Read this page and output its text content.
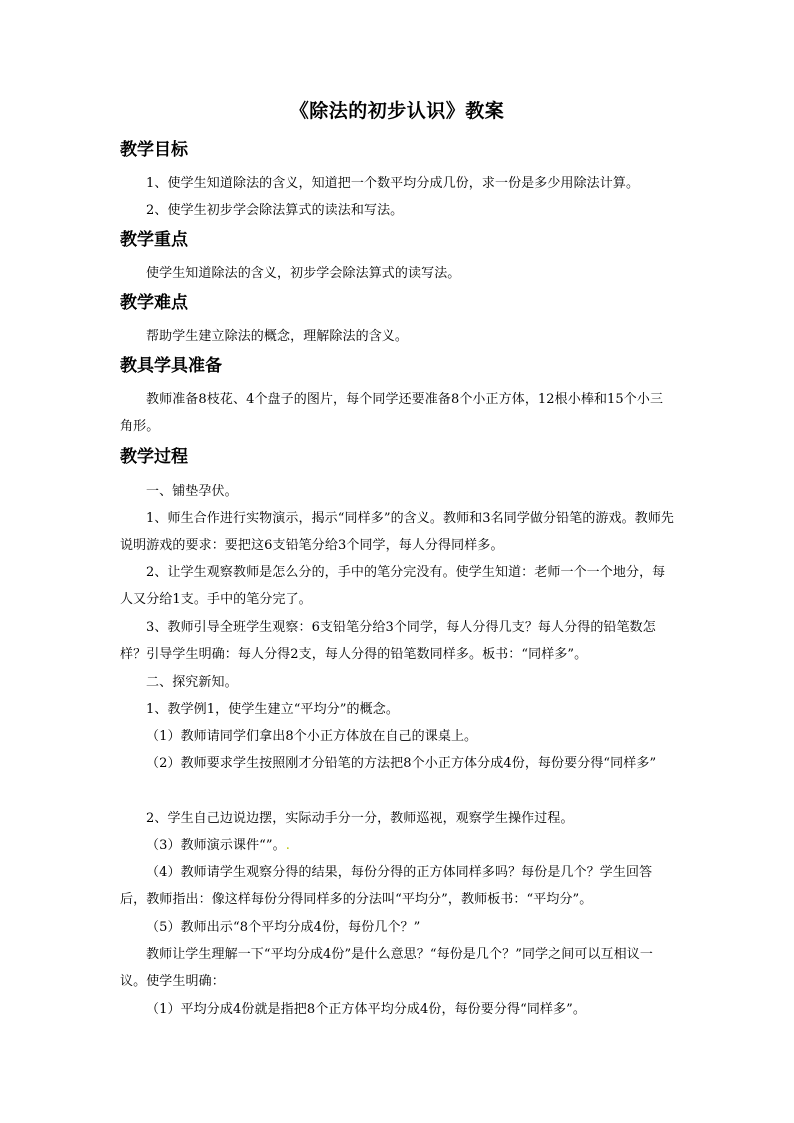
《除法的初步认识》教案
教学目标
1、使学生知道除法的含义，知道把一个数平均分成几份，求一份是多少用除法计算。
2、使学生初步学会除法算式的读法和写法。
教学重点
使学生知道除法的含义，初步学会除法算式的读写法。
教学难点
帮助学生建立除法的概念，理解除法的含义。
教具学具准备
教师准备8枝花、4个盘子的图片，每个同学还要准备8个小正方体，12根小棒和15个小三角形。
教学过程
一、铺垫孕伏。
1、师生合作进行实物演示，揭示“同样多”的含义。教师和3名同学做分铅笔的游戏。教师先说明游戏的要求：要把这6支铅笔分给3个同学，每人分得同样多。
2、让学生观察教师是怎么分的，手中的笔分完没有。使学生知道：老师一个一个地分，每人又分给1支。手中的笔分完了。
3、教师引导全班学生观察：6支铅笔分给3个同学，每人分得几支？每人分得的铅笔数怎样？引导学生明确：每人分得2支，每人分得的铅笔数同样多。板书：“同样多”。
二、探究新知。
1、教学例1，使学生建立“平均分”的概念。
（1）教师请同学们拿出8个小正方体放在自己的课桌上。
（2）教师要求学生按照刚才分铅笔的方法把8个小正方体分成4份，每份要分得“同样多”
2、学生自己边说边摆，实际动手分一分，教师巡视，观察学生操作过程。
（3）教师演示课件“”。.
（4）教师请学生观察分得的结果，每份分得的正方体同样多吗？每份是几个？学生回答后，教师指出：像这样每份分得同样多的分法叫“平均分”，教师板书：“平均分”。
（5）教师出示“8个平均分成4份，每份几个？”
教师让学生理解一下“平均分成4份”是什么意思？“每份是几个？”同学之间可以互相议一议。使学生明确：
（1）平均分成4份就是指把8个正方体平均分成4份，每份要分得“同样多”。
